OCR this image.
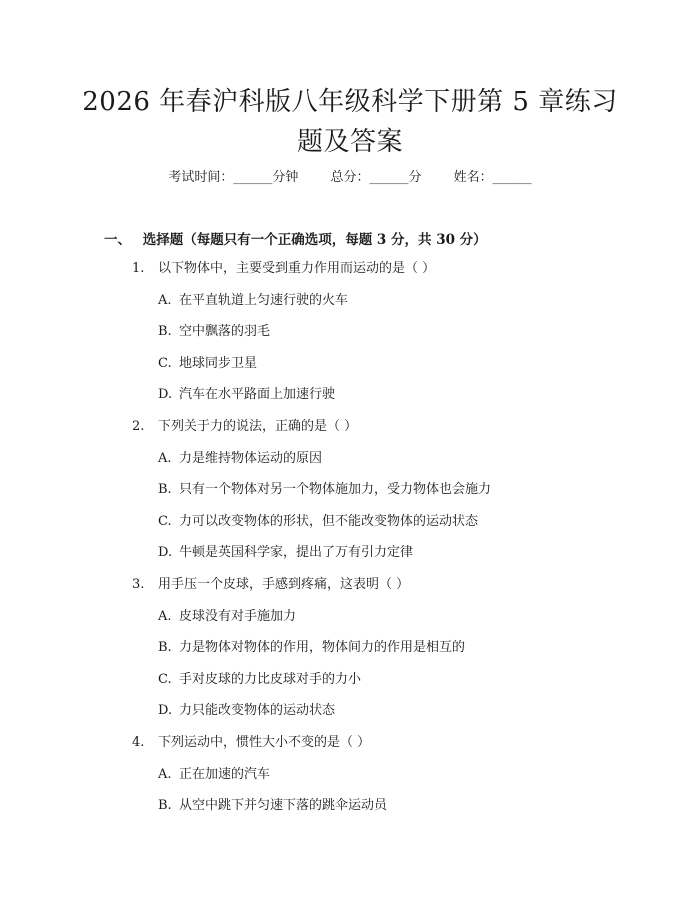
2026 年春沪科版八年级科学下册第 5 章练习题及答案
考试时间：______分钟 总分：______分 姓名：______
一、 选择题（每题只有一个正确选项，每题 3 分，共 30 分）
1. 以下物体中，主要受到重力作用而运动的是（ ）
A. 在平直轨道上匀速行驶的火车
B. 空中飘落的羽毛
C. 地球同步卫星
D. 汽车在水平路面上加速行驶
2. 下列关于力的说法，正确的是（ ）
A. 力是维持物体运动的原因
B. 只有一个物体对另一个物体施加力，受力物体也会施力
C. 力可以改变物体的形状，但不能改变物体的运动状态
D. 牛顿是英国科学家，提出了万有引力定律
3. 用手压一个皮球，手感到疼痛，这表明（ ）
A. 皮球没有对手施加力
B. 力是物体对物体的作用，物体间力的作用是相互的
C. 手对皮球的力比皮球对手的力小
D. 力只能改变物体的运动状态
4. 下列运动中，惯性大小不变的是（ ）
A. 正在加速的汽车
B. 从空中跳下并匀速下落的跳伞运动员
